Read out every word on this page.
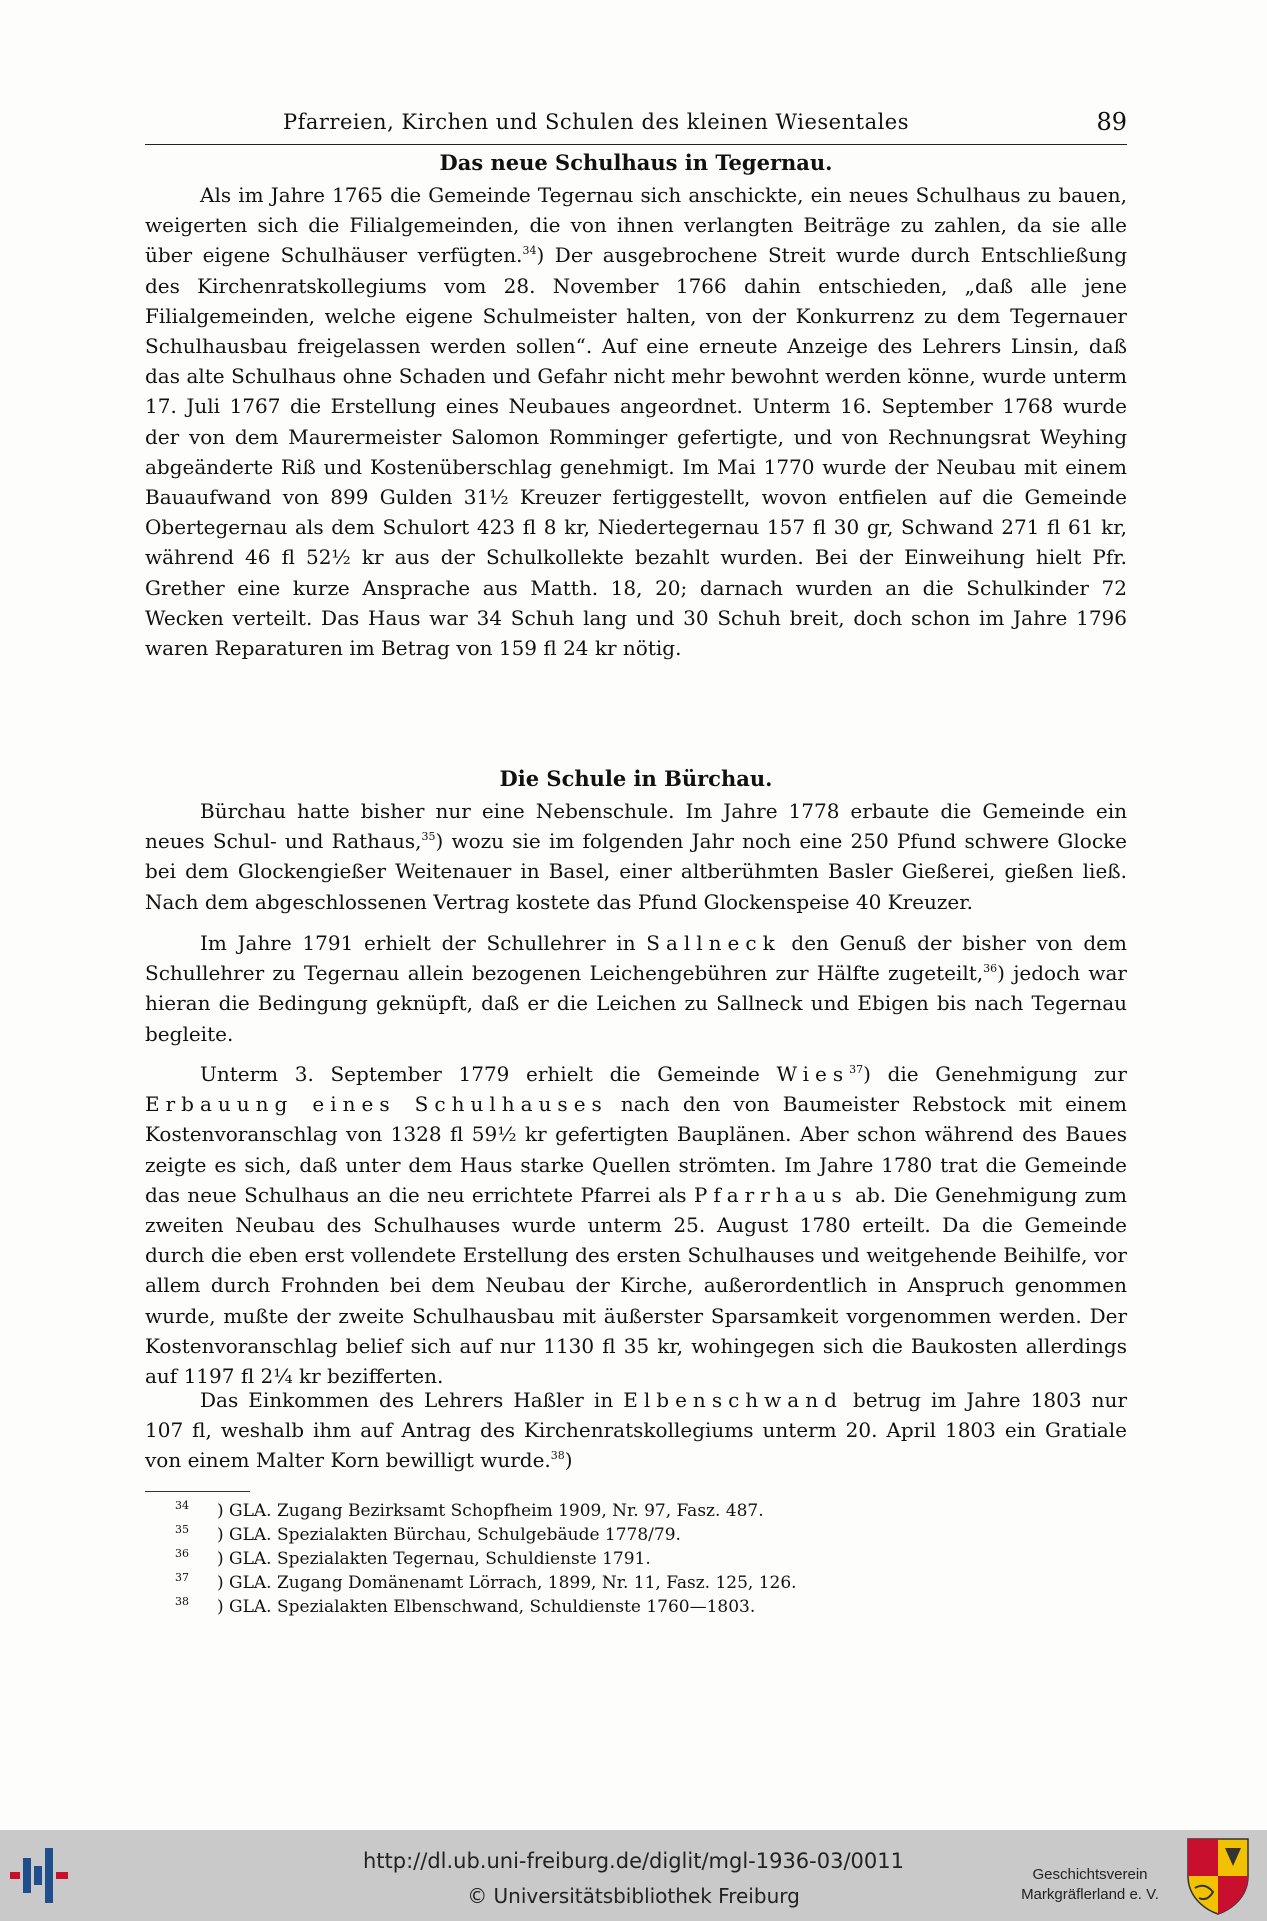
Pfarreien, Kirchen und Schulen des kleinen Wiesentales	89
Das neue Schulhaus in Tegernau.

Als im Jahre 1765 die Gemeinde Tegernau sich anschickte, ein neues Schulhaus zu bauen, weigerten sich die Filialgemeinden, die von ihnen verlangten Beiträge zu zahlen, da sie alle über eigene Schulhäuser verfügten.$^{34}$) Der ausgebrochene Streit wurde durch Entschließung des Kirchenratskollegiums vom 28. November 1766 dahin entschieden, „daß alle jene Filialgemeinden, welche eigene Schulmeister halten, von der Konkurrenz zu dem Tegernauer Schulhausbau freigelassen werden sollen“. Auf eine erneute Anzeige des Lehrers Linsin, daß das alte Schulhaus ohne Schaden und Gefahr nicht mehr bewohnt werden könne, wurde unterm 17. Juli 1767 die Erstellung eines Neubaues angeordnet. Unterm 16. September 1768 wurde der von dem Maurermeister Salomon Romminger gefertigte, und von Rechnungsrat Weyhing abgeänderte Riß und Kostenüberschlag genehmigt. Im Mai 1770 wurde der Neubau mit einem Bauaufwand von 899 Gulden 31½ Kreuzer fertiggestellt, wovon entfielen auf die Gemeinde Obertegernau als dem Schulort 423 fl 8 kr, Niedertegernau 157 fl 30 gr, Schwand 271 fl 61 kr, während 46 fl 52½ kr aus der Schulkollekte bezahlt wurden. Bei der Einweihung hielt Pfr. Grether eine kurze Ansprache aus Matth. 18, 20; darnach wurden an die Schulkinder 72 Wecken verteilt. Das Haus war 34 Schuh lang und 30 Schuh breit, doch schon im Jahre 1796 waren Reparaturen im Betrag von 159 fl 24 kr nötig.

Die Schule in Bürchau.

Bürchau hatte bisher nur eine Nebenschule. Im Jahre 1778 erbaute die Gemeinde ein neues Schul- und Rathaus,$^{35}$) wozu sie im folgenden Jahr noch eine 250 Pfund schwere Glocke bei dem Glockengießer Weitenauer in Basel, einer altberühmten Basler Gießerei, gießen ließ. Nach dem abgeschlossenen Vertrag kostete das Pfund Glockenspeise 40 Kreuzer.

Im Jahre 1791 erhielt der Schullehrer in Sallneck den Genuß der bisher von dem Schullehrer zu Tegernau allein bezogenen Leichengebühren zur Hälfte zugeteilt,$^{36}$) jedoch war hieran die Bedingung geknüpft, daß er die Leichen zu Sallneck und Ebigen bis nach Tegernau begleite.

Unterm 3. September 1779 erhielt die Gemeinde Wies$^{37}$) die Genehmigung zur Erbauung eines Schulhauses nach den von Baumeister Rebstock mit einem Kostenvoranschlag von 1328 fl 59½ kr gefertigten Bauplänen. Aber schon während des Baues zeigte es sich, daß unter dem Haus starke Quellen strömten. Im Jahre 1780 trat die Gemeinde das neue Schulhaus an die neu errichtete Pfarrei als Pfarrhaus ab. Die Genehmigung zum zweiten Neubau des Schulhauses wurde unterm 25. August 1780 erteilt. Da die Gemeinde durch die eben erst vollendete Erstellung des ersten Schulhauses und weitgehende Beihilfe, vor allem durch Frohnden bei dem Neubau der Kirche, außerordentlich in Anspruch genommen wurde, mußte der zweite Schulhausbau mit äußerster Sparsamkeit vorgenommen werden. Der Kostenvoranschlag belief sich auf nur 1130 fl 35 kr, wohingegen sich die Baukosten allerdings auf 1197 fl 2¼ kr bezifferten.

Das Einkommen des Lehrers Haßler in Elbenschwand betrug im Jahre 1803 nur 107 fl, weshalb ihm auf Antrag des Kirchenratskollegiums unterm 20. April 1803 ein Gratiale von einem Malter Korn bewilligt wurde.$^{38}$)

$^{34}$ ) GLA. Zugang Bezirksamt Schopfheim 1909, Nr. 97, Fasz. 487.
$^{35}$ ) GLA. Spezialakten Bürchau, Schulgebäude 1778/79.
$^{36}$ ) GLA. Spezialakten Tegernau, Schuldienste 1791.
$^{37}$ ) GLA. Zugang Domänenamt Lörrach, 1899, Nr. 11, Fasz. 125, 126.
$^{38}$ ) GLA. Spezialakten Elbenschwand, Schuldienste 1760—1803.
http://dl.ub.uni-freiburg.de/diglit/mgl-1936-03/0011
© Universitätsbibliothek Freiburg
Geschichtsverein
Markgräflerland e. V.
